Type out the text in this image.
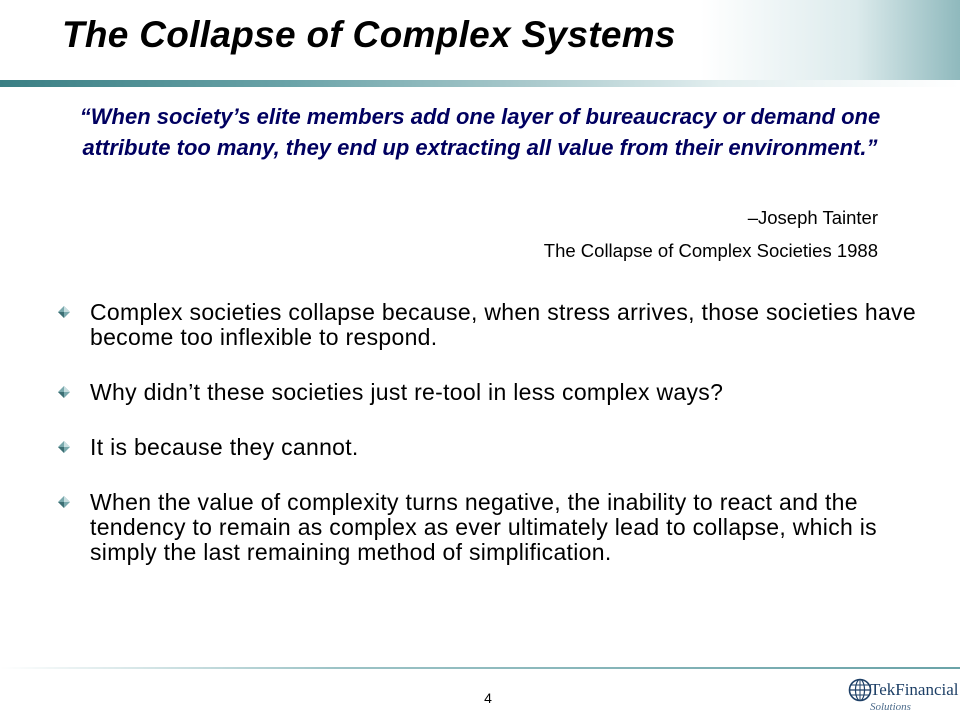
The Collapse of Complex Systems

“When society’s elite members add one layer of bureaucracy or demand one attribute too many, they end up extracting all value from their environment.”

–Joseph Tainter

The Collapse of Complex Societies 1988

Complex societies collapse because, when stress arrives, those societies have become too inflexible to respond.
Why didn’t these societies just re-tool in less complex ways?
It is because they cannot.
When the value of complexity turns negative, the inability to react and the tendency to remain as complex as ever ultimately lead to collapse, which is simply the last remaining method of simplification.
4	TekFinancial
Solutions
